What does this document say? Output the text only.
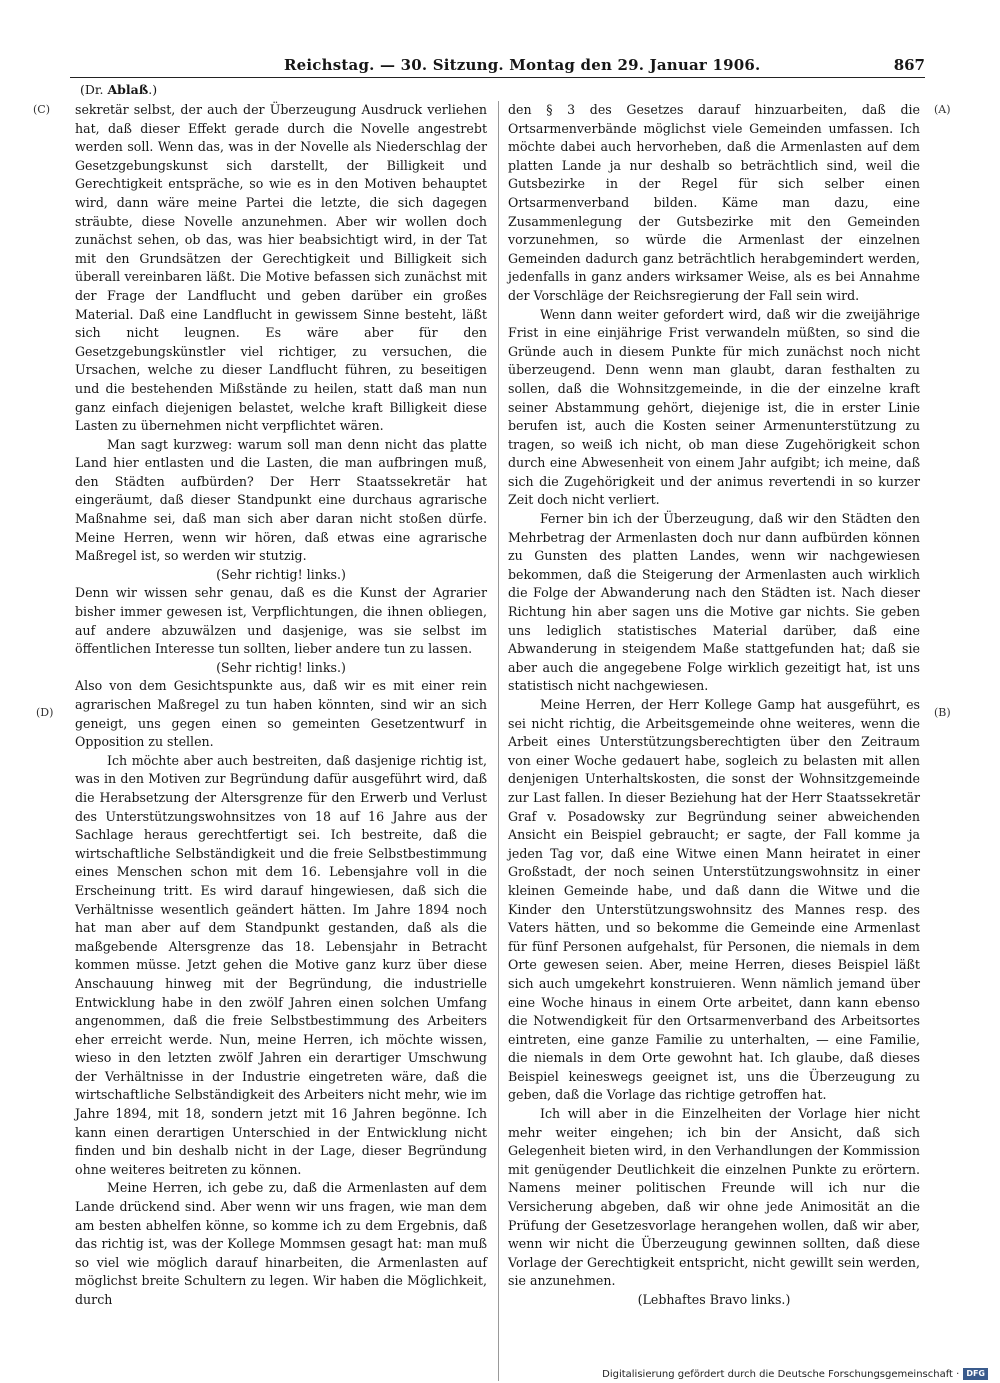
Reichstag. — 30. Sitzung. Montag den 29. Januar 1906.	867
(Dr. Ablaß.)
(C)
(D)
(A)
(B)

sekretär selbst, der auch der Überzeugung Ausdruck verliehen hat, daß dieser Effekt gerade durch die Novelle angestrebt werden soll. Wenn das, was in der Novelle als Niederschlag der Gesetzgebungskunst sich darstellt, der Billigkeit und Gerechtigkeit entspräche, so wie es in den Motiven behauptet wird, dann wäre meine Partei die letzte, die sich dagegen sträubte, diese Novelle anzunehmen. Aber wir wollen doch zunächst sehen, ob das, was hier beabsichtigt wird, in der Tat mit den Grundsätzen der Gerechtigkeit und Billigkeit sich überall vereinbaren läßt. Die Motive befassen sich zunächst mit der Frage der Landflucht und geben darüber ein großes Material. Daß eine Landflucht in gewissem Sinne besteht, läßt sich nicht leugnen. Es wäre aber für den Gesetzgebungskünstler viel richtiger, zu versuchen, die Ursachen, welche zu dieser Landflucht führen, zu beseitigen und die bestehenden Mißstände zu heilen, statt daß man nun ganz einfach diejenigen belastet, welche kraft Billigkeit diese Lasten zu übernehmen nicht verpflichtet wären.

Man sagt kurzweg: warum soll man denn nicht das platte Land hier entlasten und die Lasten, die man aufbringen muß, den Städten aufbürden? Der Herr Staatssekretär hat eingeräumt, daß dieser Standpunkt eine durchaus agrarische Maßnahme sei, daß man sich aber daran nicht stoßen dürfe. Meine Herren, wenn wir hören, daß etwas eine agrarische Maßregel ist, so werden wir stutzig.

(Sehr richtig! links.)

Denn wir wissen sehr genau, daß es die Kunst der Agrarier bisher immer gewesen ist, Verpflichtungen, die ihnen obliegen, auf andere abzuwälzen und dasjenige, was sie selbst im öffentlichen Interesse tun sollten, lieber andere tun zu lassen.

(Sehr richtig! links.)

Also von dem Gesichtspunkte aus, daß wir es mit einer rein agrarischen Maßregel zu tun haben könnten, sind wir an sich geneigt, uns gegen einen so gemeinten Gesetzentwurf in Opposition zu stellen.

Ich möchte aber auch bestreiten, daß dasjenige richtig ist, was in den Motiven zur Begründung dafür ausgeführt wird, daß die Herabsetzung der Altersgrenze für den Erwerb und Verlust des Unterstützungswohnsitzes von 18 auf 16 Jahre aus der Sachlage heraus gerechtfertigt sei. Ich bestreite, daß die wirtschaftliche Selbständigkeit und die freie Selbstbestimmung eines Menschen schon mit dem 16. Lebensjahre voll in die Erscheinung tritt. Es wird darauf hingewiesen, daß sich die Verhältnisse wesentlich geändert hätten. Im Jahre 1894 noch hat man aber auf dem Standpunkt gestanden, daß als die maßgebende Altersgrenze das 18. Lebensjahr in Betracht kommen müsse. Jetzt gehen die Motive ganz kurz über diese Anschauung hinweg mit der Begründung, die industrielle Entwicklung habe in den zwölf Jahren einen solchen Umfang angenommen, daß die freie Selbstbestimmung des Arbeiters eher erreicht werde. Nun, meine Herren, ich möchte wissen, wieso in den letzten zwölf Jahren ein derartiger Umschwung der Verhältnisse in der Industrie eingetreten wäre, daß die wirtschaftliche Selbständigkeit des Arbeiters nicht mehr, wie im Jahre 1894, mit 18, sondern jetzt mit 16 Jahren begönne. Ich kann einen derartigen Unterschied in der Entwicklung nicht finden und bin deshalb nicht in der Lage, dieser Begründung ohne weiteres beitreten zu können.

Meine Herren, ich gebe zu, daß die Armenlasten auf dem Lande drückend sind. Aber wenn wir uns fragen, wie man dem am besten abhelfen könne, so komme ich zu dem Ergebnis, daß das richtig ist, was der Kollege Mommsen gesagt hat: man muß so viel wie möglich darauf hinarbeiten, die Armenlasten auf möglichst breite Schultern zu legen. Wir haben die Möglichkeit, durch

den § 3 des Gesetzes darauf hinzuarbeiten, daß die Ortsarmenverbände möglichst viele Gemeinden umfassen. Ich möchte dabei auch hervorheben, daß die Armenlasten auf dem platten Lande ja nur deshalb so beträchtlich sind, weil die Gutsbezirke in der Regel für sich selber einen Ortsarmenverband bilden. Käme man dazu, eine Zusammenlegung der Gutsbezirke mit den Gemeinden vorzunehmen, so würde die Armenlast der einzelnen Gemeinden dadurch ganz beträchtlich herabgemindert werden, jedenfalls in ganz anders wirksamer Weise, als es bei Annahme der Vorschläge der Reichsregierung der Fall sein wird.

Wenn dann weiter gefordert wird, daß wir die zweijährige Frist in eine einjährige Frist verwandeln müßten, so sind die Gründe auch in diesem Punkte für mich zunächst noch nicht überzeugend. Denn wenn man glaubt, daran festhalten zu sollen, daß die Wohnsitzgemeinde, in die der einzelne kraft seiner Abstammung gehört, diejenige ist, die in erster Linie berufen ist, auch die Kosten seiner Armenunterstützung zu tragen, so weiß ich nicht, ob man diese Zugehörigkeit schon durch eine Abwesenheit von einem Jahr aufgibt; ich meine, daß sich die Zugehörigkeit und der animus revertendi in so kurzer Zeit doch nicht verliert.

Ferner bin ich der Überzeugung, daß wir den Städten den Mehrbetrag der Armenlasten doch nur dann aufbürden können zu Gunsten des platten Landes, wenn wir nachgewiesen bekommen, daß die Steigerung der Armenlasten auch wirklich die Folge der Abwanderung nach den Städten ist. Nach dieser Richtung hin aber sagen uns die Motive gar nichts. Sie geben uns lediglich statistisches Material darüber, daß eine Abwanderung in steigendem Maße stattgefunden hat; daß sie aber auch die angegebene Folge wirklich gezeitigt hat, ist uns statistisch nicht nachgewiesen.

Meine Herren, der Herr Kollege Gamp hat ausgeführt, es sei nicht richtig, die Arbeitsgemeinde ohne weiteres, wenn die Arbeit eines Unterstützungsberechtigten über den Zeitraum von einer Woche gedauert habe, sogleich zu belasten mit allen denjenigen Unterhaltskosten, die sonst der Wohnsitzgemeinde zur Last fallen. In dieser Beziehung hat der Herr Staatssekretär Graf v. Posadowsky zur Begründung seiner abweichenden Ansicht ein Beispiel gebraucht; er sagte, der Fall komme ja jeden Tag vor, daß eine Witwe einen Mann heiratet in einer Großstadt, der noch seinen Unterstützungswohnsitz in einer kleinen Gemeinde habe, und daß dann die Witwe und die Kinder den Unterstützungswohnsitz des Mannes resp. des Vaters hätten, und so bekomme die Gemeinde eine Armenlast für fünf Personen aufgehalst, für Personen, die niemals in dem Orte gewesen seien. Aber, meine Herren, dieses Beispiel läßt sich auch umgekehrt konstruieren. Wenn nämlich jemand über eine Woche hinaus in einem Orte arbeitet, dann kann ebenso die Notwendigkeit für den Ortsarmenverband des Arbeitsortes eintreten, eine ganze Familie zu unterhalten, — eine Familie, die niemals in dem Orte gewohnt hat. Ich glaube, daß dieses Beispiel keineswegs geeignet ist, uns die Überzeugung zu geben, daß die Vorlage das richtige getroffen hat.

Ich will aber in die Einzelheiten der Vorlage hier nicht mehr weiter eingehen; ich bin der Ansicht, daß sich Gelegenheit bieten wird, in den Verhandlungen der Kommission mit genügender Deutlichkeit die einzelnen Punkte zu erörtern. Namens meiner politischen Freunde will ich nur die Versicherung abgeben, daß wir ohne jede Animosität an die Prüfung der Gesetzesvorlage herangehen wollen, daß wir aber, wenn wir nicht die Überzeugung gewinnen sollten, daß diese Vorlage der Gerechtigkeit entspricht, nicht gewillt sein werden, sie anzunehmen.

(Lebhaftes Bravo links.)

Digitalisierung gefördert durch die Deutsche Forschungsgemeinschaft · DFG
